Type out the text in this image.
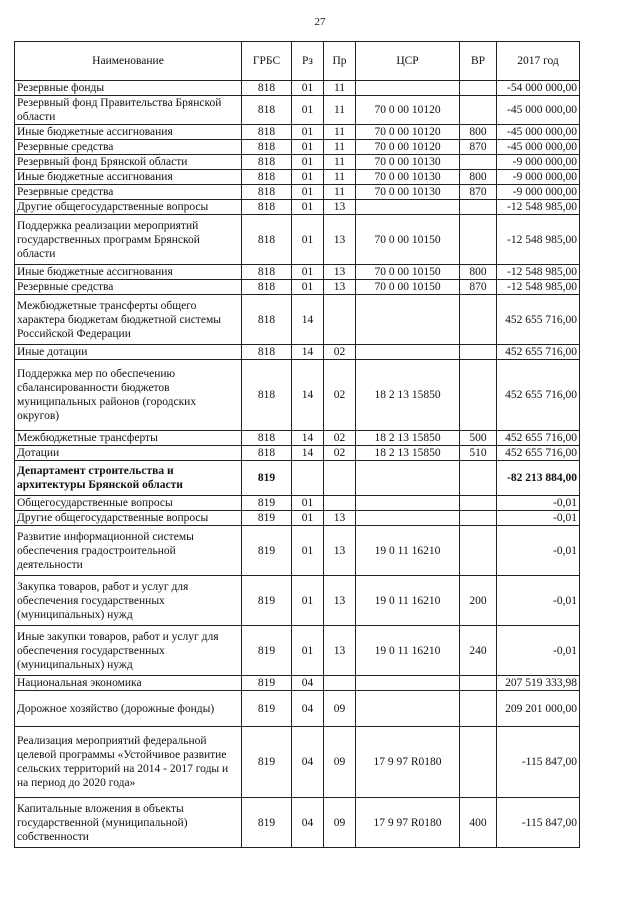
27
Наименование	ГРБС	Рз	Пр	ЦСР	ВР	2017 год
Резервные фонды	818	01	11			-54 000 000,00
Резервный фонд Правительства Брянской области	818	01	11	70 0 00 10120		-45 000 000,00
Иные бюджетные ассигнования	818	01	11	70 0 00 10120	800	-45 000 000,00
Резервные средства	818	01	11	70 0 00 10120	870	-45 000 000,00
Резервный фонд Брянской области	818	01	11	70 0 00 10130		-9 000 000,00
Иные бюджетные ассигнования	818	01	11	70 0 00 10130	800	-9 000 000,00
Резервные средства	818	01	11	70 0 00 10130	870	-9 000 000,00
Другие общегосударственные вопросы	818	01	13			-12 548 985,00
Поддержка реализации мероприятий государственных программ Брянской области	818	01	13	70 0 00 10150		-12 548 985,00
Иные бюджетные ассигнования	818	01	13	70 0 00 10150	800	-12 548 985,00
Резервные средства	818	01	13	70 0 00 10150	870	-12 548 985,00
Межбюджетные трансферты общего характера бюджетам бюджетной системы Российской Федерации	818	14				452 655 716,00
Иные дотации	818	14	02			452 655 716,00
Поддержка мер по обеспечению сбалансированности бюджетов муниципальных районов (городских округов)	818	14	02	18 2 13 15850		452 655 716,00
Межбюджетные трансферты	818	14	02	18 2 13 15850	500	452 655 716,00
Дотации	818	14	02	18 2 13 15850	510	452 655 716,00
Департамент строительства и архитектуры Брянской области	819					-82 213 884,00
Общегосударственные вопросы	819	01				-0,01
Другие общегосударственные вопросы	819	01	13			-0,01
Развитие информационной системы обеспечения градостроительной деятельности	819	01	13	19 0 11 16210		-0,01
Закупка товаров, работ и услуг для обеспечения государственных (муниципальных) нужд	819	01	13	19 0 11 16210	200	-0,01
Иные закупки товаров, работ и услуг для обеспечения государственных (муниципальных) нужд	819	01	13	19 0 11 16210	240	-0,01
Национальная экономика	819	04				207 519 333,98
Дорожное хозяйство (дорожные фонды)	819	04	09			209 201 000,00
Реализация мероприятий федеральной целевой программы «Устойчивое развитие сельских территорий на 2014 - 2017 годы и на период до 2020 года»	819	04	09	17 9 97 R0180		-115 847,00
Капитальные вложения в объекты государственной (муниципальной) собственности	819	04	09	17 9 97 R0180	400	-115 847,00
